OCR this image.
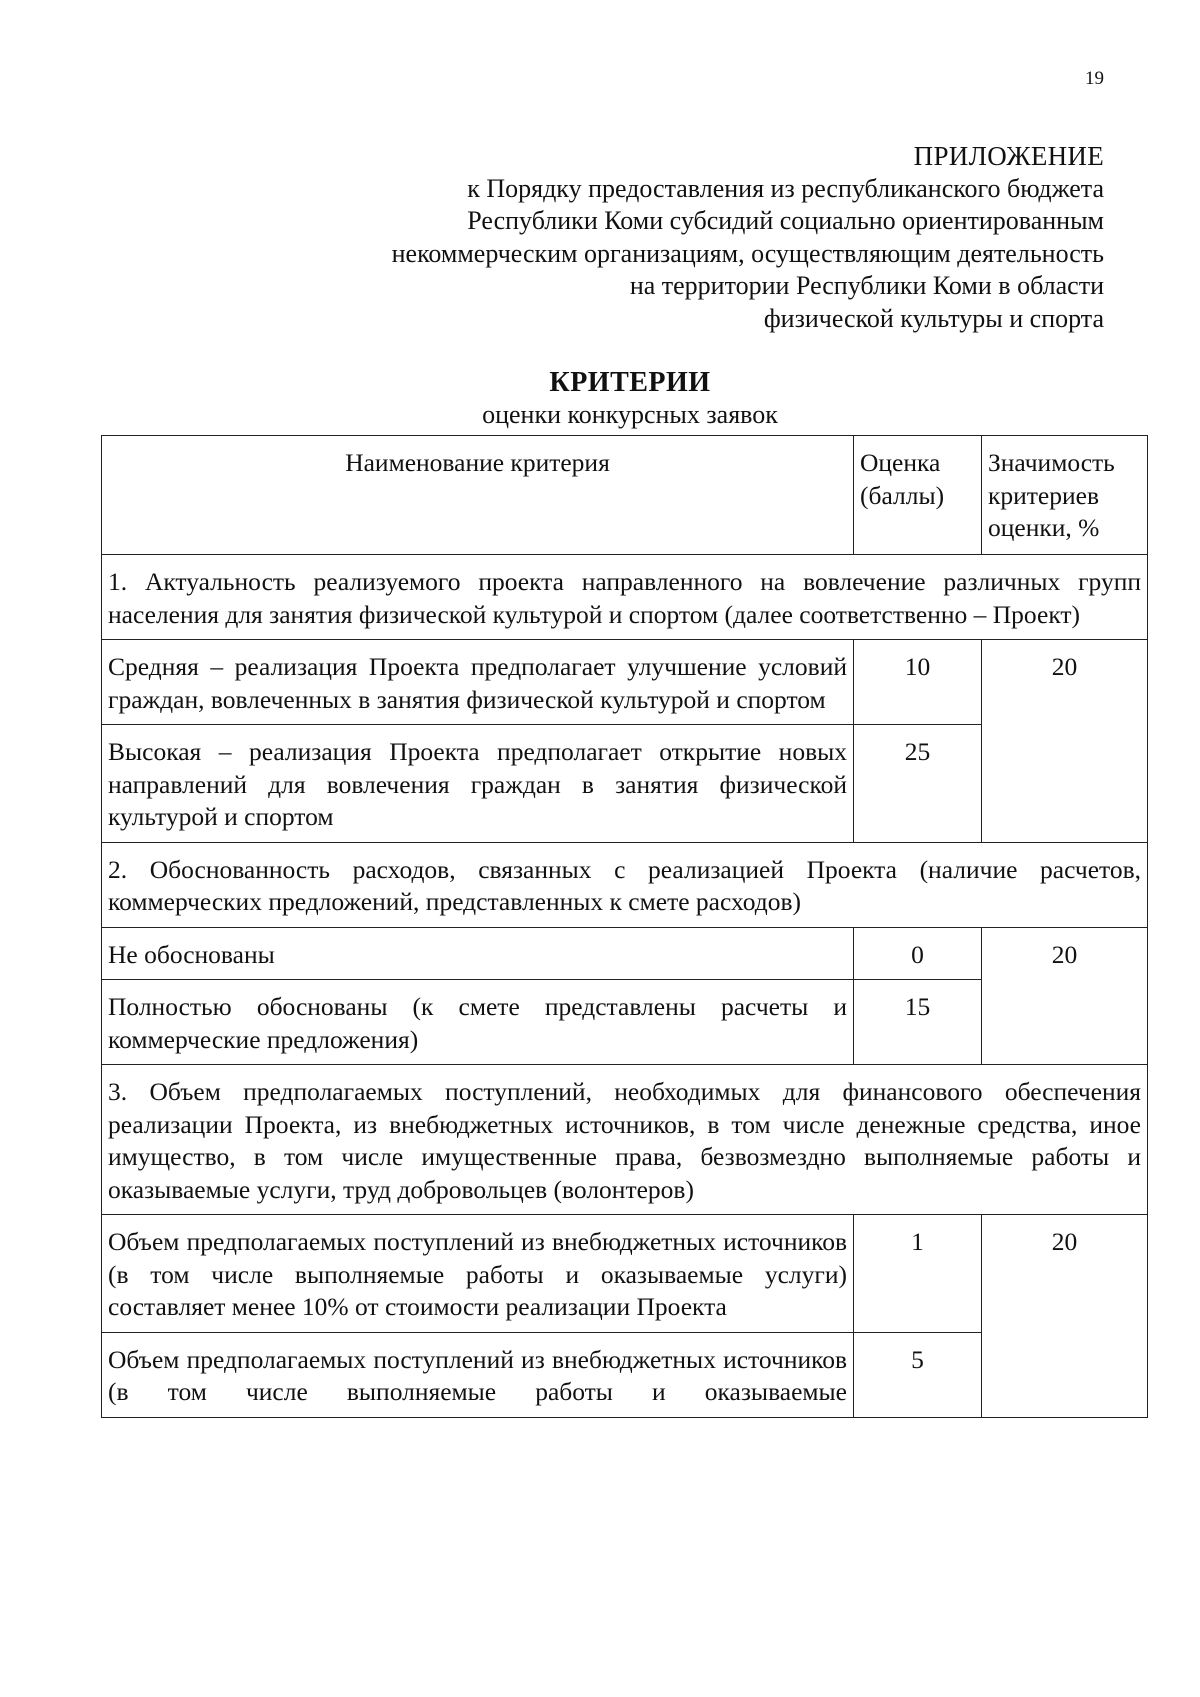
19
ПРИЛОЖЕНИЕ
к Порядку предоставления из республиканского бюджета
Республики Коми субсидий социально ориентированным
некоммерческим организациям, осуществляющим деятельность
на территории Республики Коми в области
физической культуры и спорта
КРИТЕРИИ
оценки конкурсных заявок
Наименование критерия	Оценка (баллы)	Значимость критериев оценки, %
1. Актуальность реализуемого проекта направленного на вовлечение различных групп населения для занятия физической культурой и спортом (далее соответственно – Проект)		
Средняя – реализация Проекта предполагает улучшение условий граждан, вовлеченных в занятия физической культурой и спортом	10	20
Высокая – реализация Проекта предполагает открытие новых направлений для вовлечения граждан в занятия физической культурой и спортом	25	
2. Обоснованность расходов, связанных с реализацией Проекта (наличие расчетов, коммерческих предложений, представленных к смете расходов)		
Не обоснованы	0	20
Полностью обоснованы (к смете представлены расчеты и коммерческие предложения)	15	
3. Объем предполагаемых поступлений, необходимых для финансового обеспечения реализации Проекта, из внебюджетных источников, в том числе денежные средства, иное имущество, в том числе имущественные права, безвозмездно выполняемые работы и оказываемые услуги, труд добровольцев (волонтеров)		
Объем предполагаемых поступлений из внебюджетных источников (в том числе выполняемые работы и оказываемые услуги) составляет менее 10% от стоимости реализации Проекта	1	20
Объем предполагаемых поступлений из внебюджетных источников (в том числе выполняемые работы и оказываемые	5	
